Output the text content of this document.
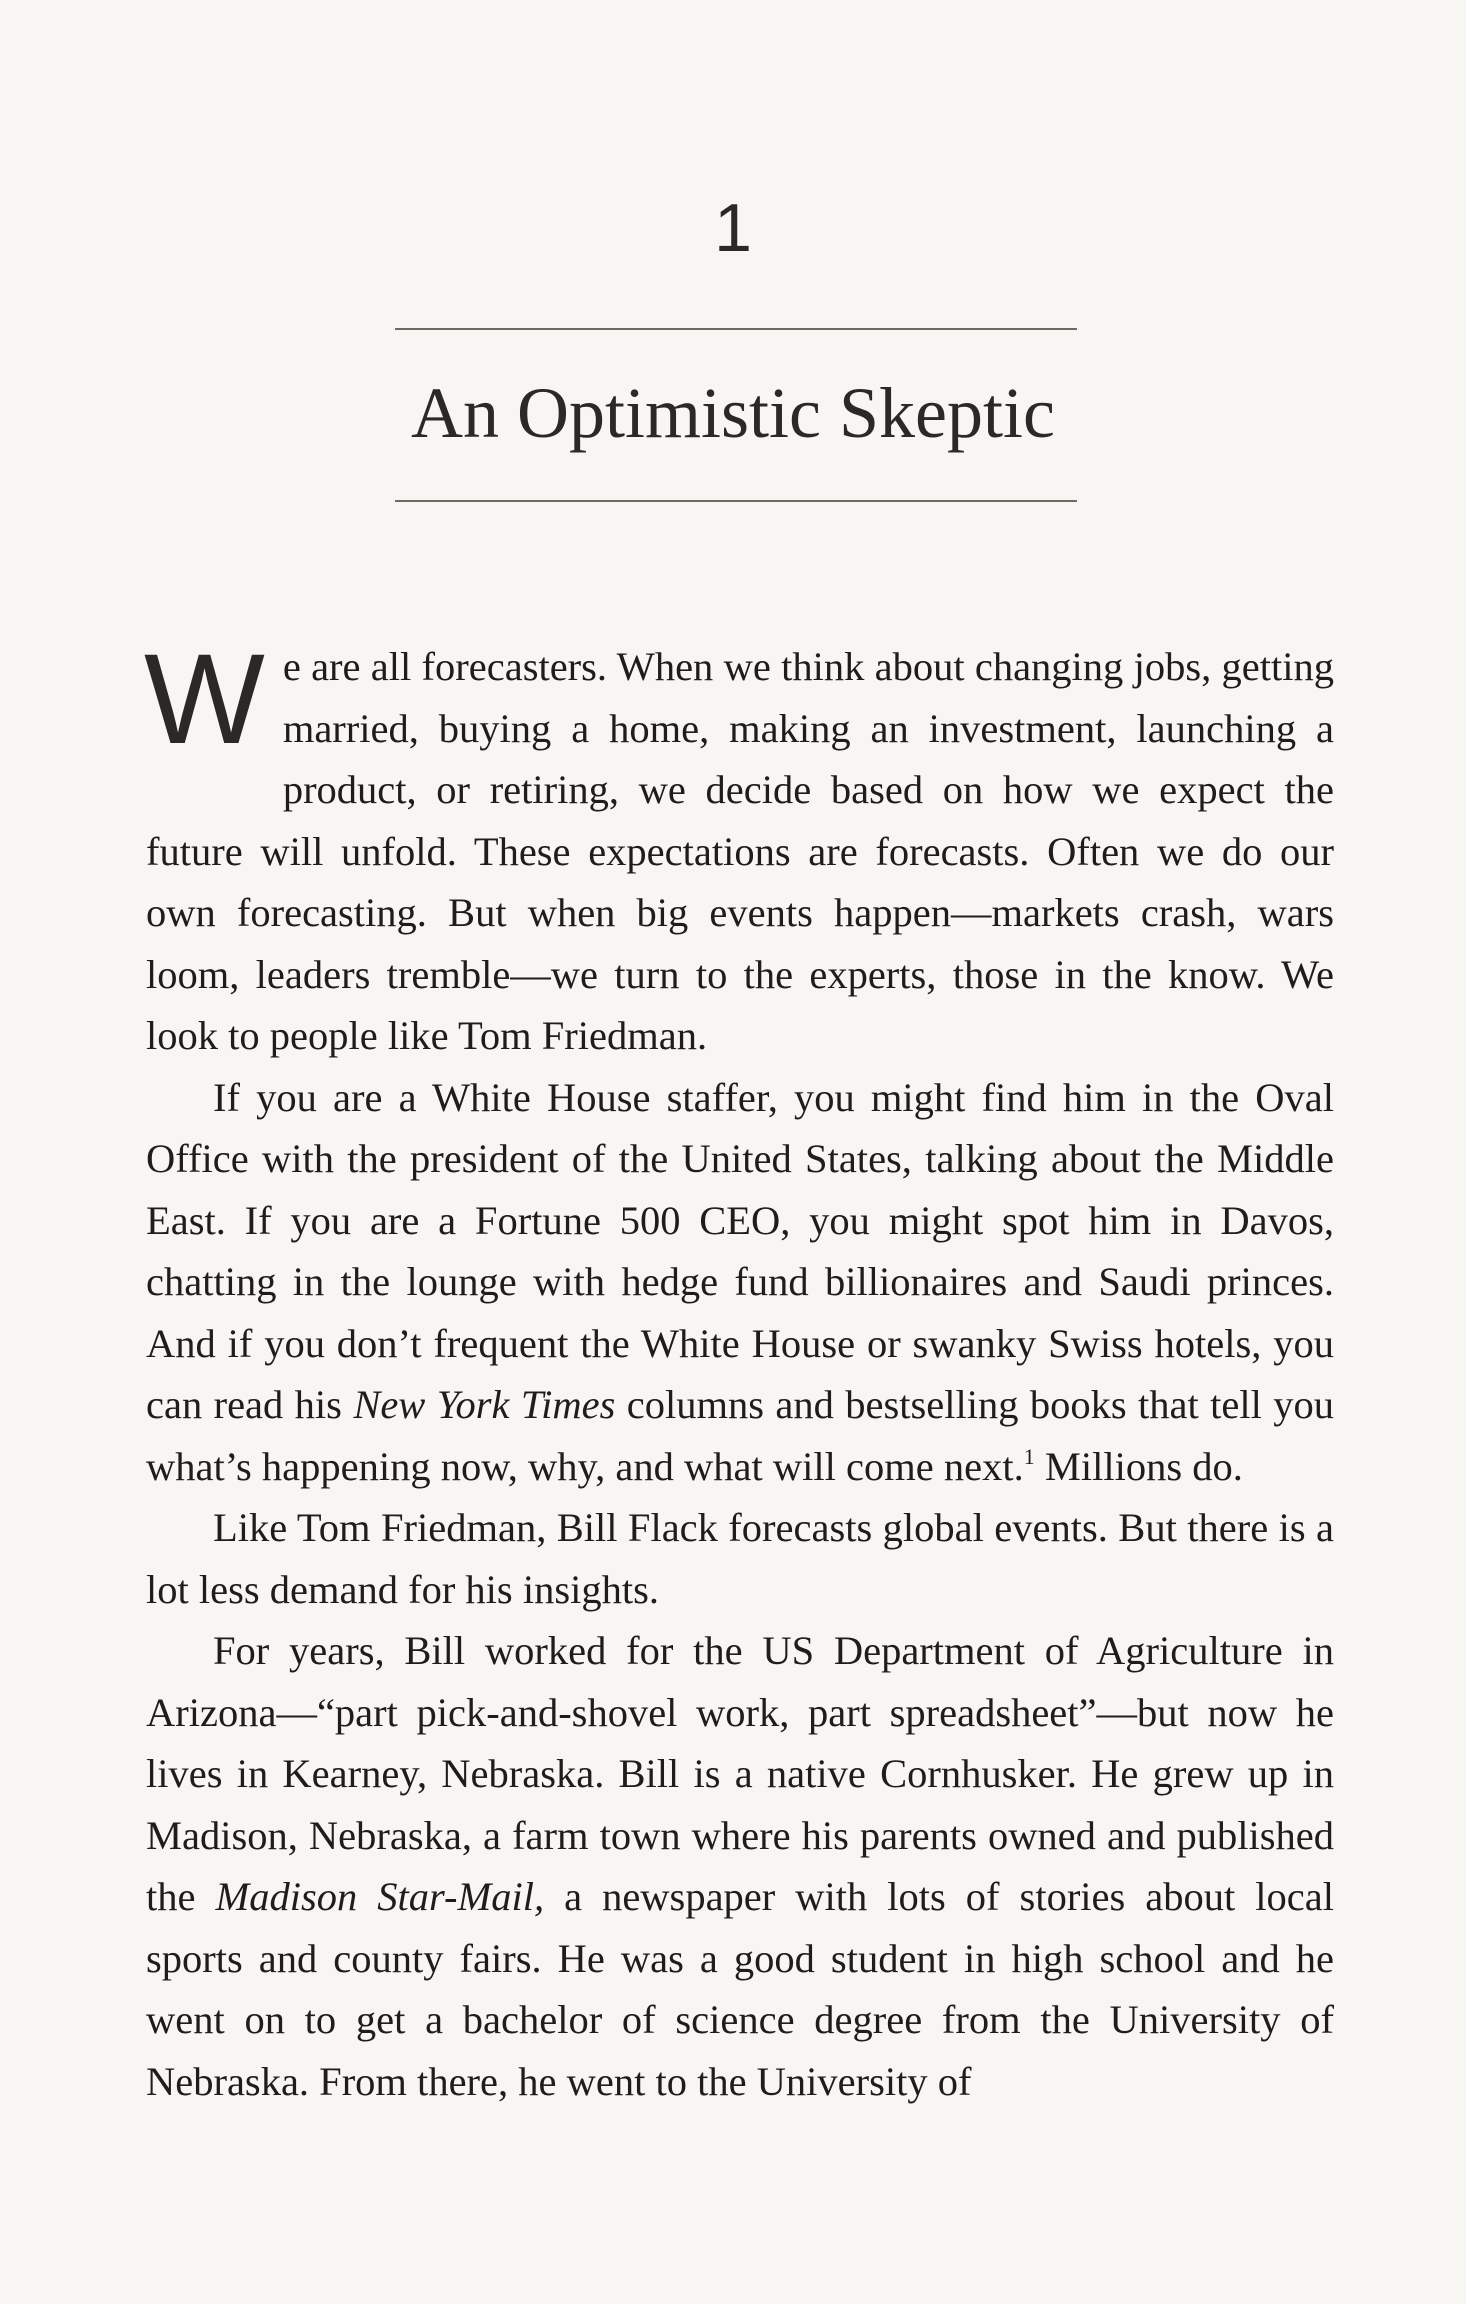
1
An Optimistic Skeptic

We are all forecasters. When we think about changing jobs, getting married, buying a home, making an investment, launching a product, or retiring, we decide based on how we expect the future will unfold. These expectations are forecasts. Often we do our own forecasting. But when big events happen—markets crash, wars loom, leaders tremble—we turn to the experts, those in the know. We look to people like Tom Friedman.

If you are a White House staffer, you might find him in the Oval Office with the president of the United States, talking about the Middle East. If you are a Fortune 500 CEO, you might spot him in Davos, chatting in the lounge with hedge fund billionaires and Saudi princes. And if you don’t frequent the White House or swanky Swiss hotels, you can read his New York Times columns and bestselling books that tell you what’s happening now, why, and what will come next.$^1$ Millions do.

Like Tom Friedman, Bill Flack forecasts global events. But there is a lot less demand for his insights.

For years, Bill worked for the US Department of Agriculture in Arizona—“part pick-and-shovel work, part spreadsheet”—but now he lives in Kearney, Nebraska. Bill is a native Cornhusker. He grew up in Madison, Nebraska, a farm town where his parents owned and published the Madison Star-Mail, a newspaper with lots of stories about local sports and county fairs. He was a good student in high school and he went on to get a bachelor of science degree from the University of Nebraska. From there, he went to the University of
